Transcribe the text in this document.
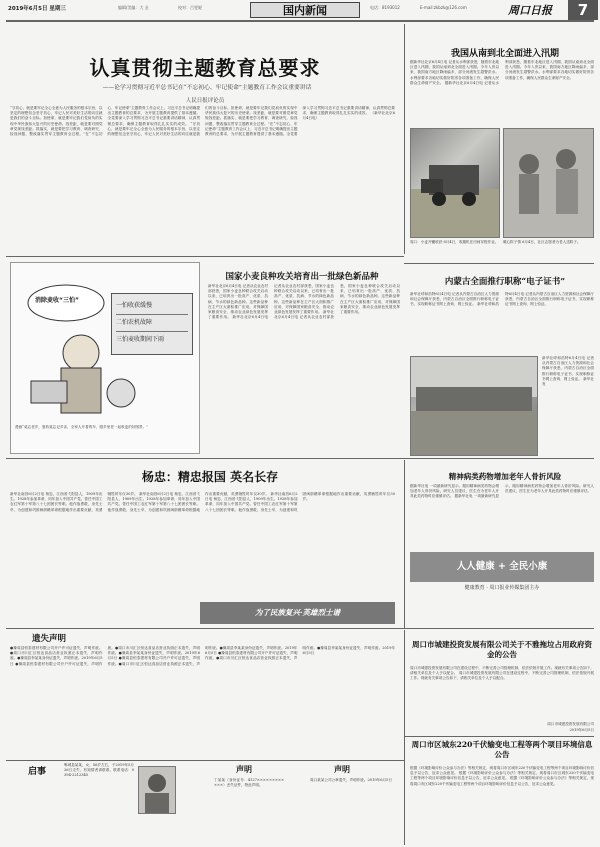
2019年6月5日 星期三	编辑/美编：大 圣	校对：吕雯妮	国内新闻	电话：8193012	E-mail:zkbzk@126.com	周口日报	7
认真贯彻主题教育总要求
——论学习贯彻习近平总书记在“不忘初心、牢记使命”主题教育工作会议重要讲话
人民日报评论员
“守初心，就是要牢记全心全意为人民服务的根本宗旨，以坚定的理想信念坚守初心，牢记人民对美好生活的向往就是我们的奋斗目标。担使命，就是要牢记我们党肩负的实现中华民族伟大复兴的历史使命。找差距，就是要对照党章党规找差距。抓落实，就是要把学习教育、调查研究、检视问题、整改落实贯穿主题教育全过程。”在“不忘初心、牢记使命”主题教育工作会议上，习近平总书记明确提出主题教育的总要求，为开展主题教育提供了基本遵循。全党要深入学习贯彻习近平总书记重要讲话精神，认真贯彻总要求，确保主题教育取得扎扎实实的成效。 “守初心，就是要牢记全心全意为人民服务的根本宗旨，以坚定的理想信念坚守初心，牢记人民对美好生活的向往就是我们的奋斗目标。担使命，就是要牢记我们党肩负的实现中华民族伟大复兴的历史使命。找差距，就是要对照党章党规找差距。抓落实，就是要把学习教育、调查研究、检视问题、整改落实贯穿主题教育全过程。”在“不忘初心、牢记使命”主题教育工作会议上，习近平总书记明确提出主题教育的总要求，为开展主题教育提供了基本遵循。全党要深入学习贯彻习近平总书记重要讲话精神，认真贯彻总要求，确保主题教育取得扎扎实实的成效。 （新华社北京6月4日电）
我国从南到北全面进入汛期
据新华社北京6月4日电 记者从水利部获悉，随着东北地区进入汛期，我国从南到北全面进入汛期。今年入汛以来，我国南方地区降雨偏多，部分河流发生超警洪水。水利部要求各地切实做好防汛各项准备工作，确保人民群众生命财产安全。 据新华社北京6月4日电 记者从水利部获悉，随着东北地区进入汛期，我国从南到北全面进入汛期。今年入汛以来，我国南方地区降雨偏多，部分河流发生超警洪水。水利部要求各地切实做好防汛各项准备工作，确保人民群众生命财产安全。
周口：小麦开镰收获 6月4日，收割机在田间穿梭作业。	暖心粽子情 6月4日，社区志愿者为老人送粽子。
消除麦收“三怕”
一怕收获缓慢
二怕农机故障
三怕麦收期间下雨
漫画“莫忘老乡，夏收莫忘记乡亲，全家人开着的车，跟乡里老一起收麦的好图景。”
国家小麦良种攻关培育出一批绿色新品种
新华社北京6月4日电 记者从农业农村部获悉，国家小麦良种联合攻关启动以来，已培育出一批高产、优质、抗病、节水的绿色新品种。这些新品种在主产区大面积推广应用，对保障国家粮食安全、推动农业绿色发展发挥了重要作用。 新华社北京6月4日电 记者从农业农村部获悉，国家小麦良种联合攻关启动以来，已培育出一批高产、优质、抗病、节水的绿色新品种。这些新品种在主产区大面积推广应用，对保障国家粮食安全、推动农业绿色发展发挥了重要作用。 新华社北京6月4日电 记者从农业农村部获悉，国家小麦良种联合攻关启动以来，已培育出一批高产、优质、抗病、节水的绿色新品种。这些新品种在主产区大面积推广应用，对保障国家粮食安全、推动农业绿色发展发挥了重要作用。
内蒙古全面推行职称“电子证书”
新华社呼和浩特6月4日电 记者从内蒙古自治区人力资源和社会保障厅获悉，内蒙古自治区全面推行职称电子证书，实现职称证书网上查询、网上验证。 新华社呼和浩特6月4日电 记者从内蒙古自治区人力资源和社会保障厅获悉，内蒙古自治区全面推行职称电子证书，实现职称证书网上查询、网上验证。
新华社呼和浩特6月4日电 记者从内蒙古自治区人力资源和社会保障厅获悉，内蒙古自治区全面推行职称电子证书，实现职称证书网上查询、网上验证。 新华社发
杨忠：精忠报国 英名长存
新华社南昌6月2日电 杨忠，江西省弋阳县人，1909年出生。1928年参加革命，同年加入中国共产党。曾任中国工农红军第十军第八十七团团长等职。他作战勇敢，身先士卒，为创建和巩固闽浙赣革命根据地作出重要贡献，英勇牺牲时年仅30岁。 新华社南昌6月2日电 杨忠，江西省弋阳县人，1909年出生。1928年参加革命，同年加入中国共产党。曾任中国工农红军第十军第八十七团团长等职。他作战勇敢，身先士卒，为创建和巩固闽浙赣革命根据地作出重要贡献，英勇牺牲时年仅30岁。 新华社南昌6月2日电 杨忠，江西省弋阳县人，1909年出生。1928年参加革命，同年加入中国共产党。曾任中国工农红军第十军第八十七团团长等职。他作战勇敢，身先士卒，为创建和巩固闽浙赣革命根据地作出重要贡献，英勇牺牲时年仅30岁。
为了民族复兴·英雄烈士谱
精神病类药物增加老年人骨折风险
据新华社电 一项最新研究显示，服用精神病类药物会增加老年人骨折风险。研究人员建议，医生在为老年人开具此类药物时应谨慎评估。 据新华社电 一项最新研究显示，服用精神病类药物会增加老年人骨折风险。研究人员建议，医生在为老年人开具此类药物时应谨慎评估。
人人健康 + 全民小康
健康教育 · 周口报业传媒集团主办
遗失声明
●豫周县恒泰建材有限公司开户许可证遗失，声明作废。●周口市川汇区恒达食品店营业执照正本遗失，声明作废。●豫周县李某某身份证遗失，声明作废。2019年6月5日 ●豫周县恒泰建材有限公司开户许可证遗失，声明作废。●周口市川汇区恒达食品店营业执照正本遗失，声明作废。●豫周县李某某身份证遗失，声明作废。2019年6月5日 ●豫周县恒泰建材有限公司开户许可证遗失，声明作废。●周口市川汇区恒达食品店营业执照正本遗失，声明作废。●豫周县李某某身份证遗失，声明作废。2019年6月5日 ●豫周县恒泰建材有限公司开户许可证遗失，声明作废。●周口市川汇区恒达食品店营业执照正本遗失，声明作废。●豫周县李某某身份证遗失，声明作废。2019年6月5日
启事
郸城县某某，女，56岁左右，于2019年5月26日走失，有知情者请联系。联系电话：0394-2212345
声明
丁某某（身份证号：4127××××××××××××）丢失证件，特此声明。
声明
周口某某公司公章遗失，声明作废。2019年6月5日
周口市城建投资发展有限公司关于不雅拖垃占用政府资金的公告
周口市城建投资发展有限公司在建设过程中，不断完善公司管理机制，依法依规开展工作。现就有关事项公告如下，请相关单位及个人予以配合。 周口市城建投资发展有限公司在建设过程中，不断完善公司管理机制，依法依规开展工作。现就有关事项公告如下，请相关单位及个人予以配合。
周口市城建投资发展有限公司
2019年6月5日
周口市区城东220千伏输变电工程等两个项目环境信息公告
根据《环境影响评价公众参与办法》等相关规定，现将周口市区城东220千伏输变电工程等两个项目环境影响评价信息予以公告，征求公众意见。 根据《环境影响评价公众参与办法》等相关规定，现将周口市区城东220千伏输变电工程等两个项目环境影响评价信息予以公告，征求公众意见。 根据《环境影响评价公众参与办法》等相关规定，现将周口市区城东220千伏输变电工程等两个项目环境影响评价信息予以公告，征求公众意见。
